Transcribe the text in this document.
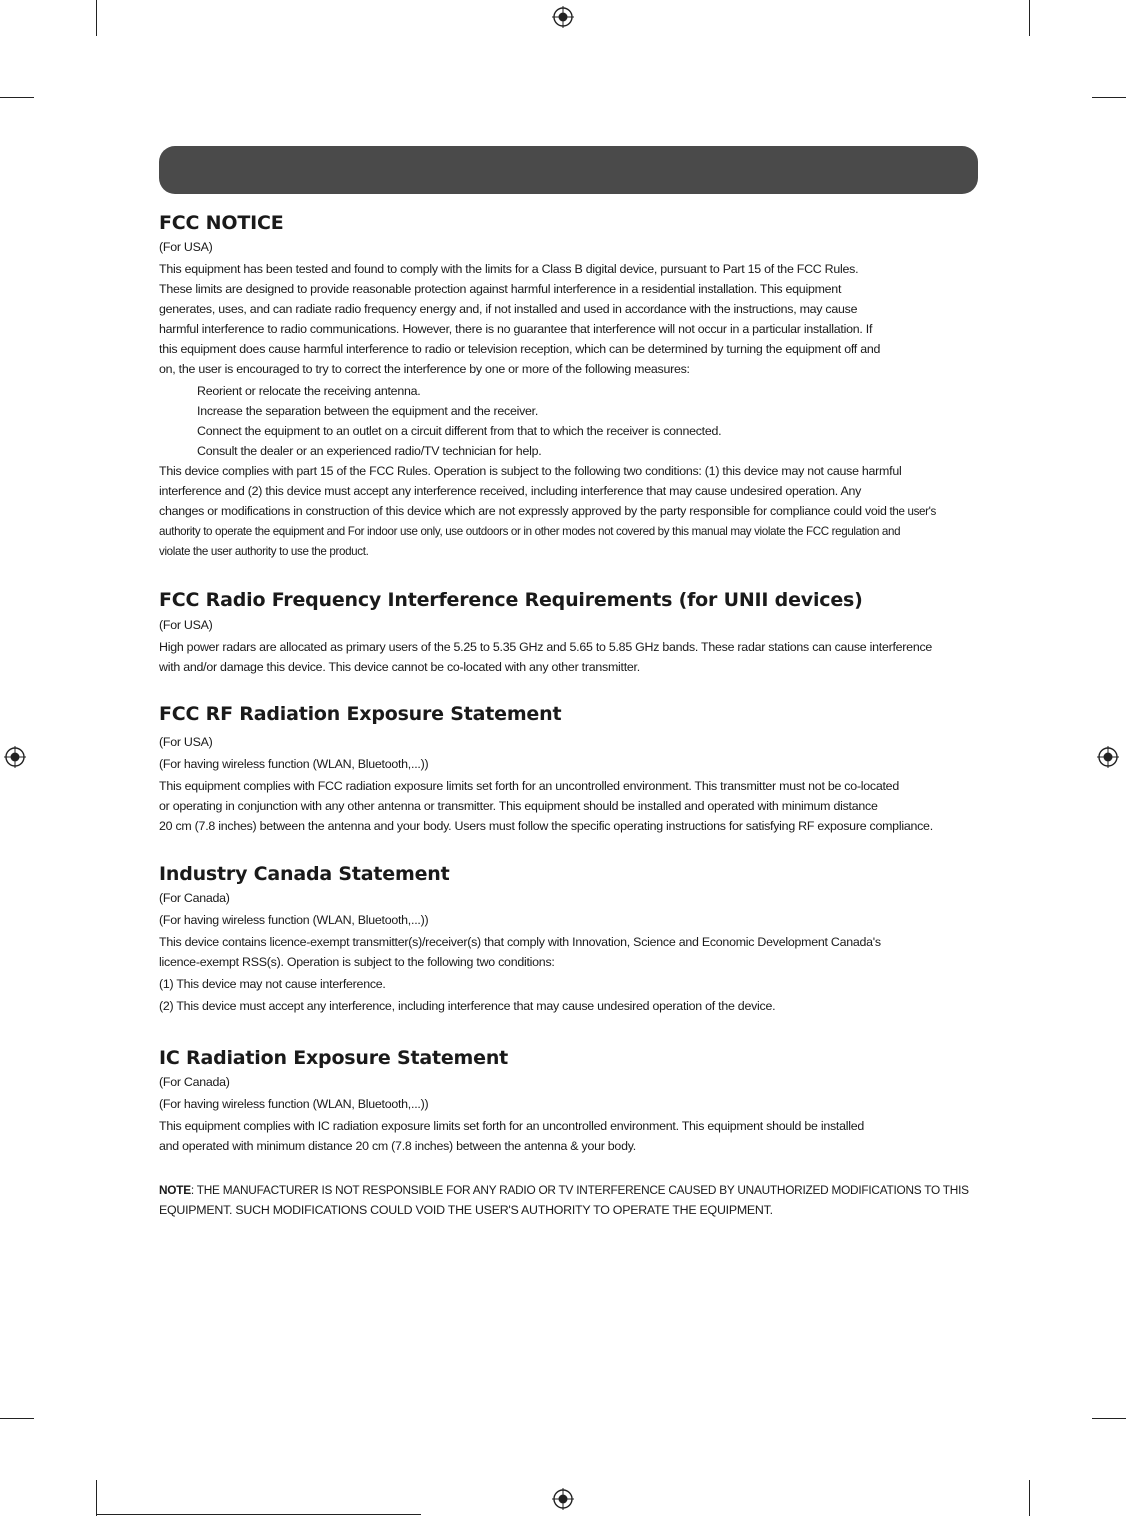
FCC NOTICE
(For USA)
This equipment has been tested and found to comply with the limits for a Class B digital device, pursuant to Part 15 of the FCC Rules.
These limits are designed to provide reasonable protection against harmful interference in a residential installation. This equipment
generates, uses, and can radiate radio frequency energy and, if not installed and used in accordance with the instructions, may cause
harmful interference to radio communications. However, there is no guarantee that interference will not occur in a particular installation. If
this equipment does cause harmful interference to radio or television reception, which can be determined by turning the equipment off and
on, the user is encouraged to try to correct the interference by one or more of the following measures:
Reorient or relocate the receiving antenna.
Increase the separation between the equipment and the receiver.
Connect the equipment to an outlet on a circuit different from that to which the receiver is connected.
Consult the dealer or an experienced radio/TV technician for help.
This device complies with part 15 of the FCC Rules. Operation is subject to the following two conditions: (1) this device may not cause harmful
interference and (2) this device must accept any interference received, including interference that may cause undesired operation. Any
changes or modifications in construction of this device which are not expressly approved by the party responsible for compliance could void the user's
authority to operate the equipment and For indoor use only, use outdoors or in other modes not covered by this manual may violate the FCC regulation and
violate the user authority to use the product.
FCC Radio Frequency Interference Requirements (for UNII devices)
(For USA)
High power radars are allocated as primary users of the 5.25 to 5.35 GHz and 5.65 to 5.85 GHz bands. These radar stations can cause interference
with and/or damage this device. This device cannot be co-located with any other transmitter.
FCC RF Radiation Exposure Statement
(For USA)
(For having wireless function (WLAN, Bluetooth,...))
This equipment complies with FCC radiation exposure limits set forth for an uncontrolled environment. This transmitter must not be co-located
or operating in conjunction with any other antenna or transmitter. This equipment should be installed and operated with minimum distance
20 cm (7.8 inches) between the antenna and your body. Users must follow the specific operating instructions for satisfying RF exposure compliance.
Industry Canada Statement
(For Canada)
(For having wireless function (WLAN, Bluetooth,...))
This device contains licence-exempt transmitter(s)/receiver(s) that comply with Innovation, Science and Economic Development Canada's
licence-exempt RSS(s). Operation is subject to the following two conditions:
(1) This device may not cause interference.
(2) This device must accept any interference, including interference that may cause undesired operation of the device.
IC Radiation Exposure Statement
(For Canada)
(For having wireless function (WLAN, Bluetooth,...))
This equipment complies with IC radiation exposure limits set forth for an uncontrolled environment. This equipment should be installed
and operated with minimum distance 20 cm (7.8 inches) between the antenna & your body.
NOTE: THE MANUFACTURER IS NOT RESPONSIBLE FOR ANY RADIO OR TV INTERFERENCE CAUSED BY UNAUTHORIZED MODIFICATIONS TO THIS
EQUIPMENT. SUCH MODIFICATIONS COULD VOID THE USER'S AUTHORITY TO OPERATE THE EQUIPMENT.
